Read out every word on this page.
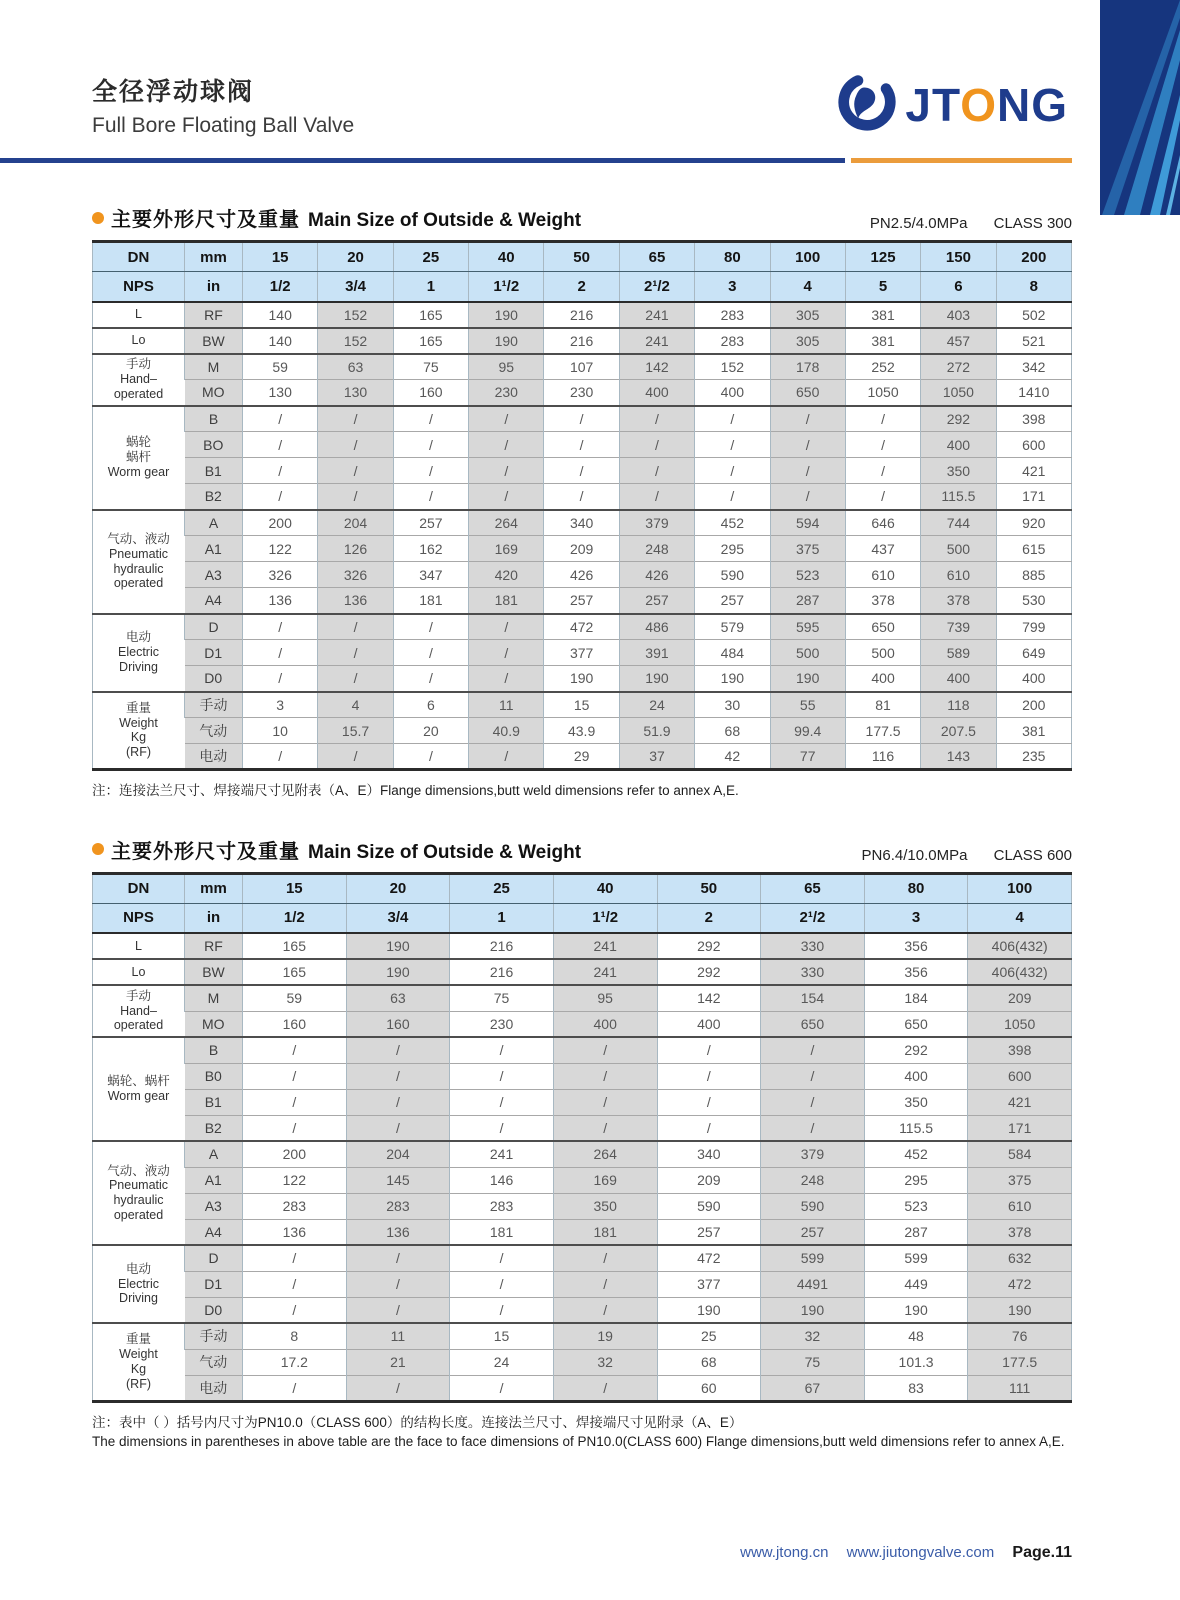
全径浮动球阀
Full Bore Floating Ball Valve	JTONG
主要外形尺寸及重量 Main Size of Outside & Weight	PN2.5/4.0MPa CLASS 300
DN	mm	15	20	25	40	50	65	80	100	125	150	200
NPS	in	1/2	3/4	1	1¹/2	2	2¹/2	3	4	5	6	8

L	RF	140	152	165	190	216	241	283	305	381	403	502

Lo	BW	140	152	165	190	216	241	283	305	381	457	521

手动
Hand–
operated	M	59	63	75	95	107	142	152	178	252	272	342
	MO	130	130	160	230	230	400	400	650	1050	1050	1410

蜗轮
蜗杆
Worm gear	B	/	/	/	/	/	/	/	/	/	292	398
	BO	/	/	/	/	/	/	/	/	/	400	600
	B1	/	/	/	/	/	/	/	/	/	350	421
	B2	/	/	/	/	/	/	/	/	/	115.5	171

气动、液动
Pneumatic
hydraulic
operated	A	200	204	257	264	340	379	452	594	646	744	920
	A1	122	126	162	169	209	248	295	375	437	500	615
	A3	326	326	347	420	426	426	590	523	610	610	885
	A4	136	136	181	181	257	257	257	287	378	378	530

电动
Electric
Driving	D	/	/	/	/	472	486	579	595	650	739	799
	D1	/	/	/	/	377	391	484	500	500	589	649
	D0	/	/	/	/	190	190	190	190	400	400	400

重量
Weight
Kg
(RF)	手动	3	4	6	11	15	24	30	55	81	118	200
	气动	10	15.7	20	40.9	43.9	51.9	68	99.4	177.5	207.5	381
	电动	/	/	/	/	29	37	42	77	116	143	235
注：连接法兰尺寸、焊接端尺寸见附表（A、E）Flange dimensions,butt weld dimensions refer to annex A,E.
主要外形尺寸及重量 Main Size of Outside & Weight	PN6.4/10.0MPa CLASS 600
DN	mm	15	20	25	40	50	65	80	100
NPS	in	1/2	3/4	1	1¹/2	2	2¹/2	3	4

L	RF	165	190	216	241	292	330	356	406(432)

Lo	BW	165	190	216	241	292	330	356	406(432)

手动
Hand–
operated	M	59	63	75	95	142	154	184	209
	MO	160	160	230	400	400	650	650	1050

蜗轮、蜗杆
Worm gear	B	/	/	/	/	/	/	292	398
	B0	/	/	/	/	/	/	400	600
	B1	/	/	/	/	/	/	350	421
	B2	/	/	/	/	/	/	115.5	171

气动、液动
Pneumatic
hydraulic
operated	A	200	204	241	264	340	379	452	584
	A1	122	145	146	169	209	248	295	375
	A3	283	283	283	350	590	590	523	610
	A4	136	136	181	181	257	257	287	378

电动
Electric
Driving	D	/	/	/	/	472	599	599	632
	D1	/	/	/	/	377	4491	449	472
	D0	/	/	/	/	190	190	190	190

重量
Weight
Kg
(RF)	手动	8	11	15	19	25	32	48	76
	气动	17.2	21	24	32	68	75	101.3	177.5
	电动	/	/	/	/	60	67	83	111
注：表中（ ）括号内尺寸为PN10.0（CLASS 600）的结构长度。连接法兰尺寸、焊接端尺寸见附录（A、E）
The dimensions in parentheses in above table are the face to face dimensions of PN10.0(CLASS 600) Flange dimensions,butt weld dimensions refer to annex A,E.
www.jtong.cn www.jiutongvalve.com Page.11
